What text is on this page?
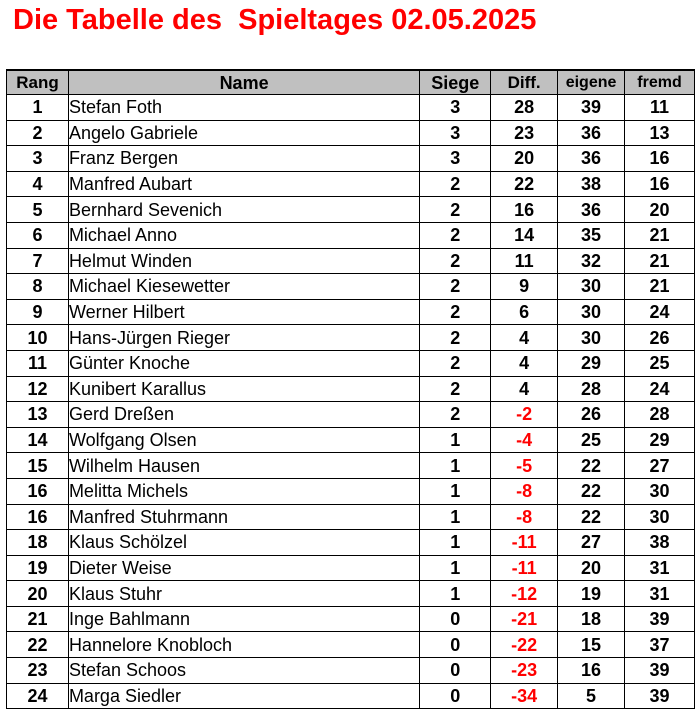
Die Tabelle des  Spieltages 02.05.2025
Rang	Name	Siege	Diff.	eigene	fremd
1	Stefan Foth	3	28	39	11
2	Angelo Gabriele	3	23	36	13
3	Franz Bergen	3	20	36	16
4	Manfred Aubart	2	22	38	16
5	Bernhard Sevenich	2	16	36	20
6	Michael Anno	2	14	35	21
7	Helmut Winden	2	11	32	21
8	Michael Kiesewetter	2	9	30	21
9	Werner Hilbert	2	6	30	24
10	Hans-Jürgen Rieger	2	4	30	26
11	Günter Knoche	2	4	29	25
12	Kunibert Karallus	2	4	28	24
13	Gerd Dreßen	2	-2	26	28
14	Wolfgang Olsen	1	-4	25	29
15	Wilhelm Hausen	1	-5	22	27
16	Melitta Michels	1	-8	22	30
16	Manfred Stuhrmann	1	-8	22	30
18	Klaus Schölzel	1	-11	27	38
19	Dieter Weise	1	-11	20	31
20	Klaus Stuhr	1	-12	19	31
21	Inge Bahlmann	0	-21	18	39
22	Hannelore Knobloch	0	-22	15	37
23	Stefan Schoos	0	-23	16	39
24	Marga Siedler	0	-34	5	39
